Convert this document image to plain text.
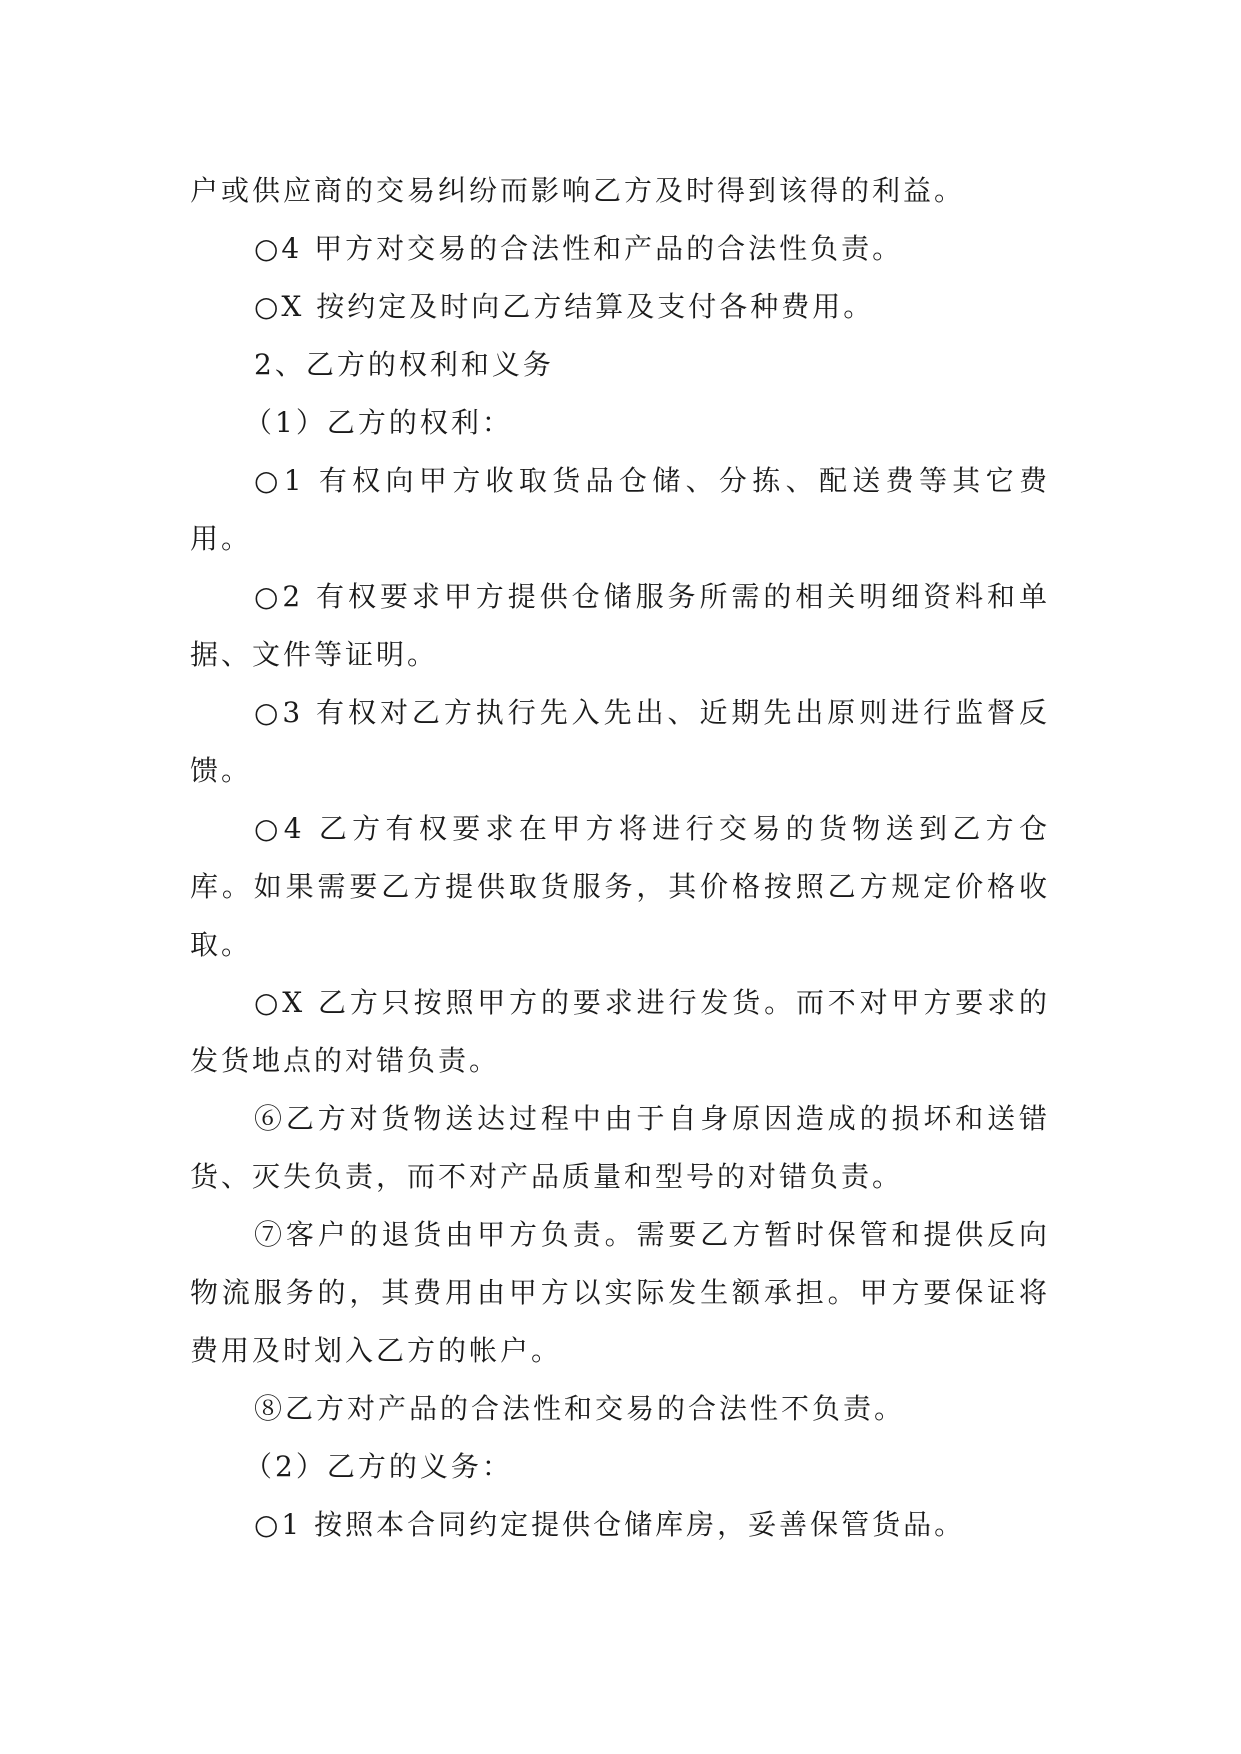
户或供应商的交易纠纷而影响乙方及时得到该得的利益。

○4 甲方对交易的合法性和产品的合法性负责。

○X 按约定及时向乙方结算及支付各种费用。

2、乙方的权利和义务

（1）乙方的权利：

○1 有权向甲方收取货品仓储、分拣、配送费等其它费用。

○2 有权要求甲方提供仓储服务所需的相关明细资料和单据、文件等证明。

○3 有权对乙方执行先入先出、近期先出原则进行监督反馈。

○4 乙方有权要求在甲方将进行交易的货物送到乙方仓库。如果需要乙方提供取货服务，其价格按照乙方规定价格收取。

○X 乙方只按照甲方的要求进行发货。而不对甲方要求的发货地点的对错负责。

⑥乙方对货物送达过程中由于自身原因造成的损坏和送错货、灭失负责，而不对产品质量和型号的对错负责。

⑦客户的退货由甲方负责。需要乙方暂时保管和提供反向物流服务的，其费用由甲方以实际发生额承担。甲方要保证将费用及时划入乙方的帐户。

⑧乙方对产品的合法性和交易的合法性不负责。

（2）乙方的义务：

○1 按照本合同约定提供仓储库房，妥善保管货品。
